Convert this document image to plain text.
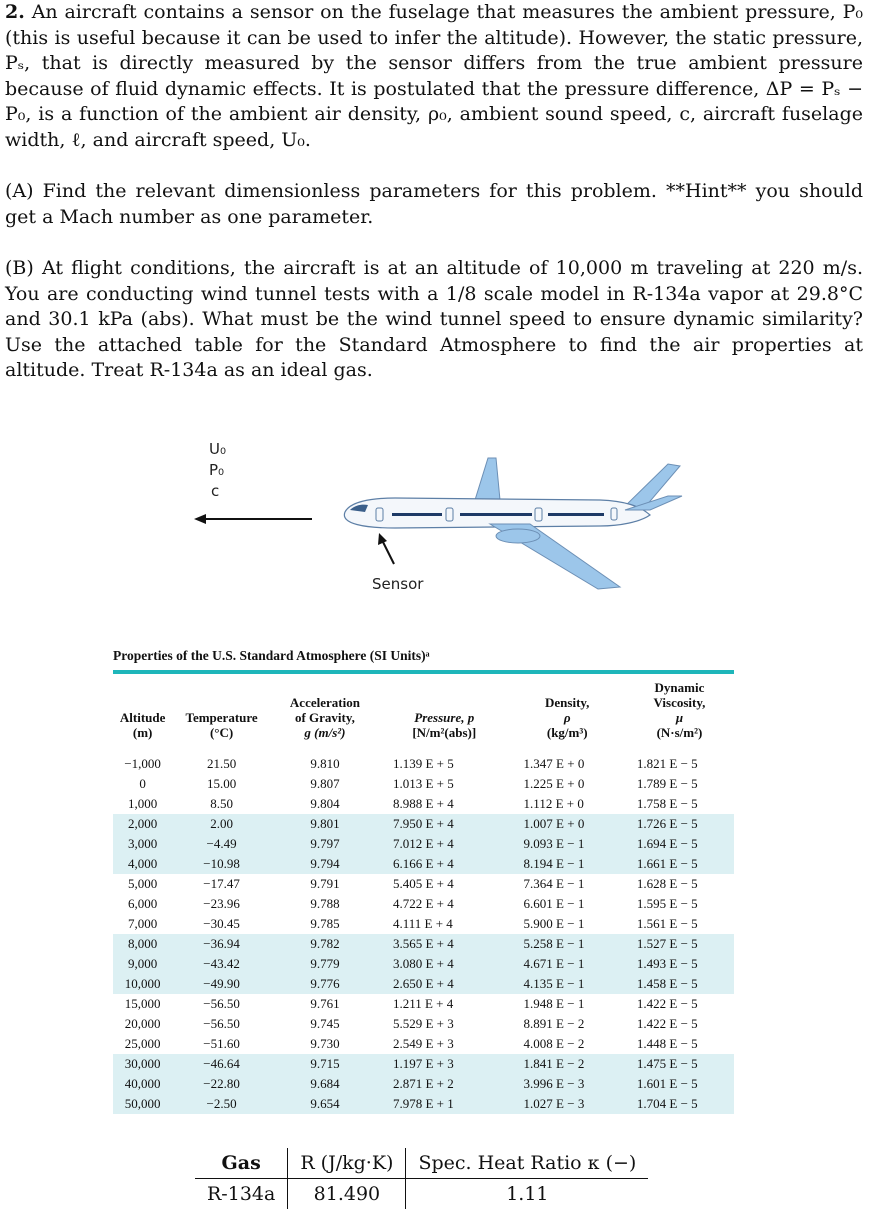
2. An aircraft contains a sensor on the fuselage that measures the ambient pressure, P₀ (this is useful because it can be used to infer the altitude). However, the static pressure, Pₛ, that is directly measured by the sensor differs from the true ambient pressure because of fluid dynamic effects. It is postulated that the pressure difference, ΔP = Pₛ − P₀, is a function of the ambient air density, ρ₀, ambient sound speed, c, aircraft fuselage width, ℓ, and aircraft speed, U₀.

(A) Find the relevant dimensionless parameters for this problem. **Hint** you should get a Mach number as one parameter.

(B) At flight conditions, the aircraft is at an altitude of 10,000 m traveling at 220 m/s. You are conducting wind tunnel tests with a 1/8 scale model in R-134a vapor at 29.8°C and 30.1 kPa (abs). What must be the wind tunnel speed to ensure dynamic similarity? Use the attached table for the Standard Atmosphere to find the air properties at altitude. Treat R-134a as an ideal gas.

U₀
P₀
c
Sensor
Properties of the U.S. Standard Atmosphere (SI Units)ᵃ
Altitude
(m)	Temperature
(°C)	Acceleration
of Gravity,
g (m/s²)	Pressure, p
[N/m²(abs)]	Density,
ρ
(kg/m³)	Dynamic
Viscosity,
μ
(N·s/m²)

−1,000	21.50	9.810	1.139 E + 5	1.347 E + 0	1.821 E − 5
0	15.00	9.807	1.013 E + 5	1.225 E + 0	1.789 E − 5
1,000	8.50	9.804	8.988 E + 4	1.112 E + 0	1.758 E − 5
2,000	2.00	9.801	7.950 E + 4	1.007 E + 0	1.726 E − 5
3,000	−4.49	9.797	7.012 E + 4	9.093 E − 1	1.694 E − 5
4,000	−10.98	9.794	6.166 E + 4	8.194 E − 1	1.661 E − 5
5,000	−17.47	9.791	5.405 E + 4	7.364 E − 1	1.628 E − 5
6,000	−23.96	9.788	4.722 E + 4	6.601 E − 1	1.595 E − 5
7,000	−30.45	9.785	4.111 E + 4	5.900 E − 1	1.561 E − 5
8,000	−36.94	9.782	3.565 E + 4	5.258 E − 1	1.527 E − 5
9,000	−43.42	9.779	3.080 E + 4	4.671 E − 1	1.493 E − 5
10,000	−49.90	9.776	2.650 E + 4	4.135 E − 1	1.458 E − 5
15,000	−56.50	9.761	1.211 E + 4	1.948 E − 1	1.422 E − 5
20,000	−56.50	9.745	5.529 E + 3	8.891 E − 2	1.422 E − 5
25,000	−51.60	9.730	2.549 E + 3	4.008 E − 2	1.448 E − 5
30,000	−46.64	9.715	1.197 E + 3	1.841 E − 2	1.475 E − 5
40,000	−22.80	9.684	2.871 E + 2	3.996 E − 3	1.601 E − 5
50,000	−2.50	9.654	7.978 E + 1	1.027 E − 3	1.704 E − 5
Gas	R (J/kg·K)	Spec. Heat Ratio κ (−)
R-134a	81.490	1.11
